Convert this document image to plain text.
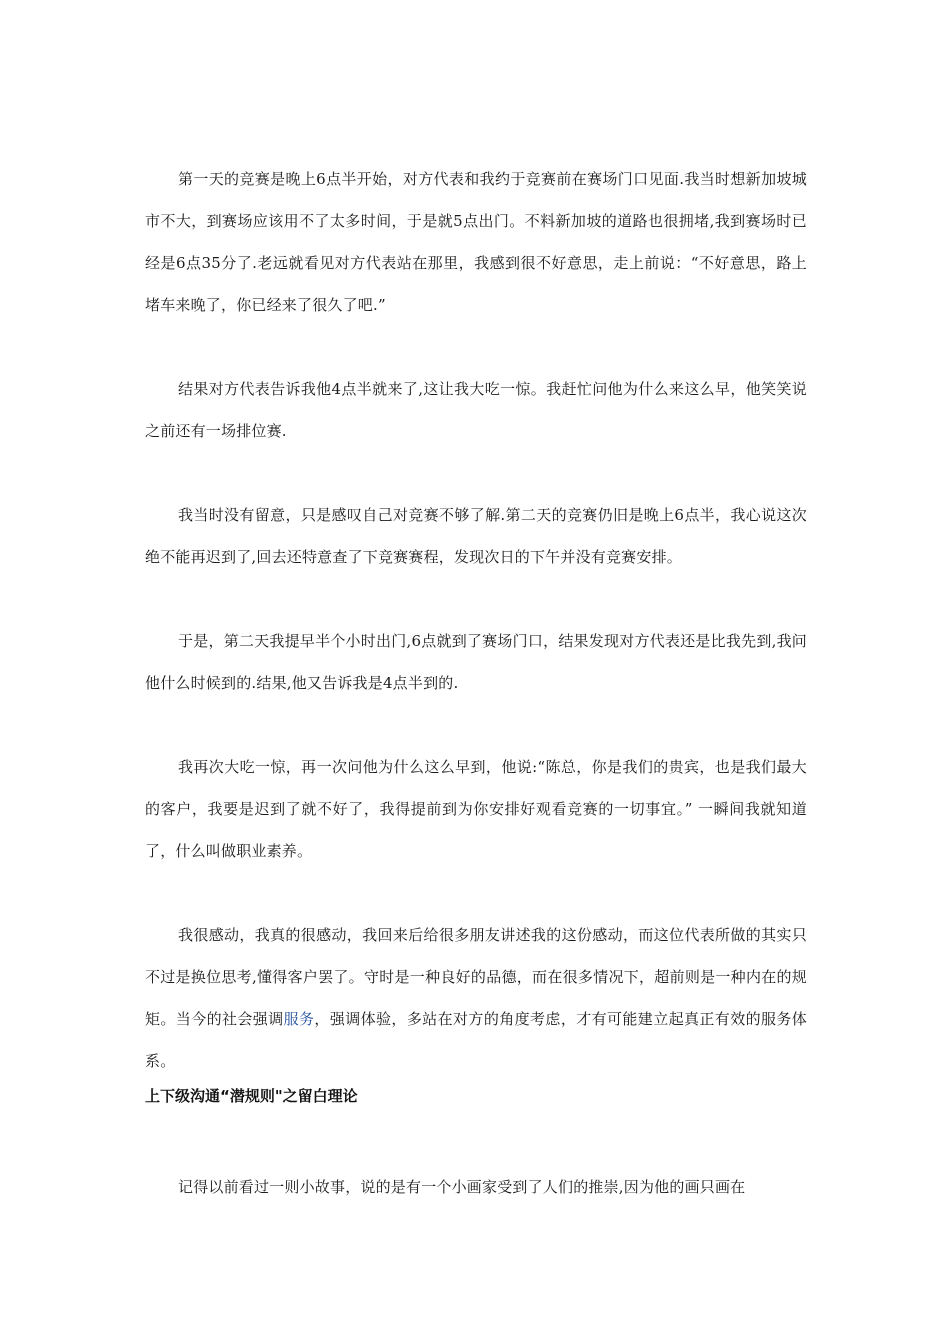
第一天的竞赛是晚上6点半开始，对方代表和我约于竞赛前在赛场门口见面.我当时想新加坡城市不大，到赛场应该用不了太多时间，于是就5点出门。不料新加坡的道路也很拥堵,我到赛场时已经是6点35分了.老远就看见对方代表站在那里，我感到很不好意思，走上前说：“不好意思，路上堵车来晚了，你已经来了很久了吧.”

结果对方代表告诉我他4点半就来了,这让我大吃一惊。我赶忙问他为什么来这么早，他笑笑说之前还有一场排位赛.

我当时没有留意，只是感叹自己对竞赛不够了解.第二天的竞赛仍旧是晚上6点半，我心说这次绝不能再迟到了,回去还特意查了下竞赛赛程，发现次日的下午并没有竞赛安排。

于是，第二天我提早半个小时出门,6点就到了赛场门口，结果发现对方代表还是比我先到,我问他什么时候到的.结果,他又告诉我是4点半到的.

我再次大吃一惊，再一次问他为什么这么早到，他说:“陈总，你是我们的贵宾，也是我们最大的客户，我要是迟到了就不好了，我得提前到为你安排好观看竞赛的一切事宜。” 一瞬间我就知道了，什么叫做职业素养。

我很感动，我真的很感动，我回来后给很多朋友讲述我的这份感动，而这位代表所做的其实只不过是换位思考,懂得客户罢了。守时是一种良好的品德，而在很多情况下，超前则是一种内在的规矩。当今的社会强调服务，强调体验，多站在对方的角度考虑，才有可能建立起真正有效的服务体系。

上下级沟通“潜规则"之留白理论

记得以前看过一则小故事，说的是有一个小画家受到了人们的推崇,因为他的画只画在
